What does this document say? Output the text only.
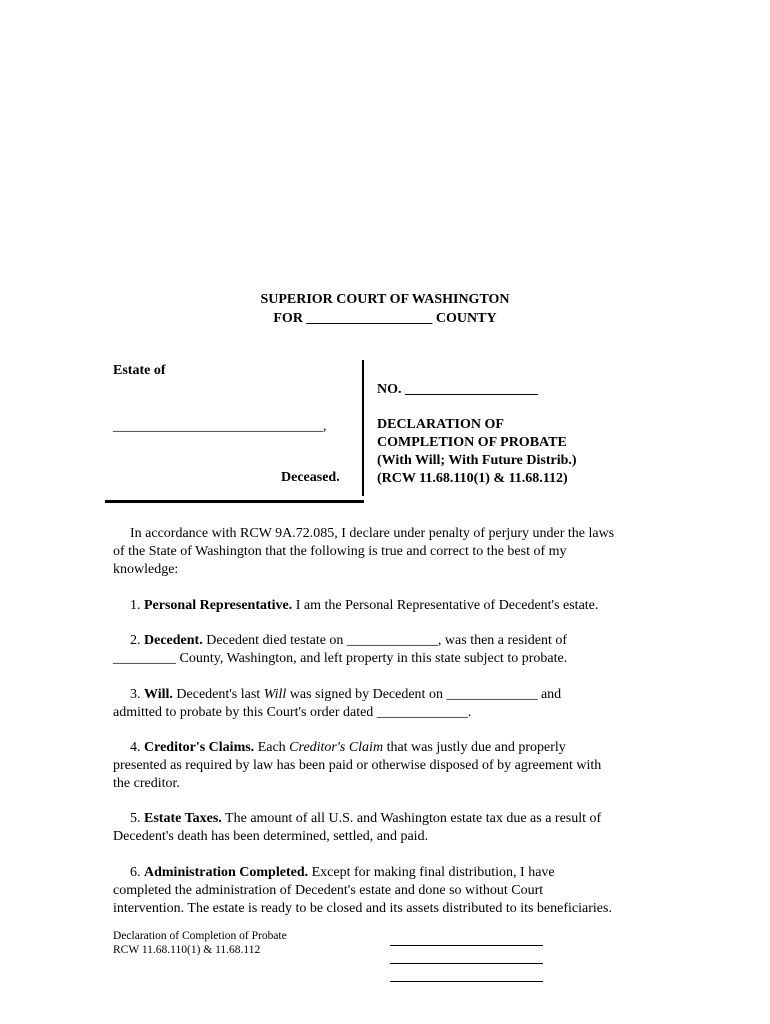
SUPERIOR COURT OF WASHINGTON
FOR __________________ COUNTY
Estate of
______________________________,
Deceased.
NO. ___________________
DECLARATION OF
COMPLETION OF PROBATE
(With Will; With Future Distrib.)
(RCW 11.68.110(1) & 11.68.112)
In accordance with RCW 9A.72.085, I declare under penalty of perjury under the laws
of the State of Washington that the following is true and correct to the best of my
knowledge:
1. Personal Representative. I am the Personal Representative of Decedent's estate.
2. Decedent. Decedent died testate on _____________, was then a resident of
_________ County, Washington, and left property in this state subject to probate.
3. Will. Decedent's last Will was signed by Decedent on _____________ and
admitted to probate by this Court's order dated _____________.
4. Creditor's Claims. Each Creditor's Claim that was justly due and properly
presented as required by law has been paid or otherwise disposed of by agreement with
the creditor.
5. Estate Taxes. The amount of all U.S. and Washington estate tax due as a result of
Decedent's death has been determined, settled, and paid.
6. Administration Completed. Except for making final distribution, I have
completed the administration of Decedent's estate and done so without Court
intervention. The estate is ready to be closed and its assets distributed to its beneficiaries.
Declaration of Completion of Probate
RCW 11.68.110(1) & 11.68.112
